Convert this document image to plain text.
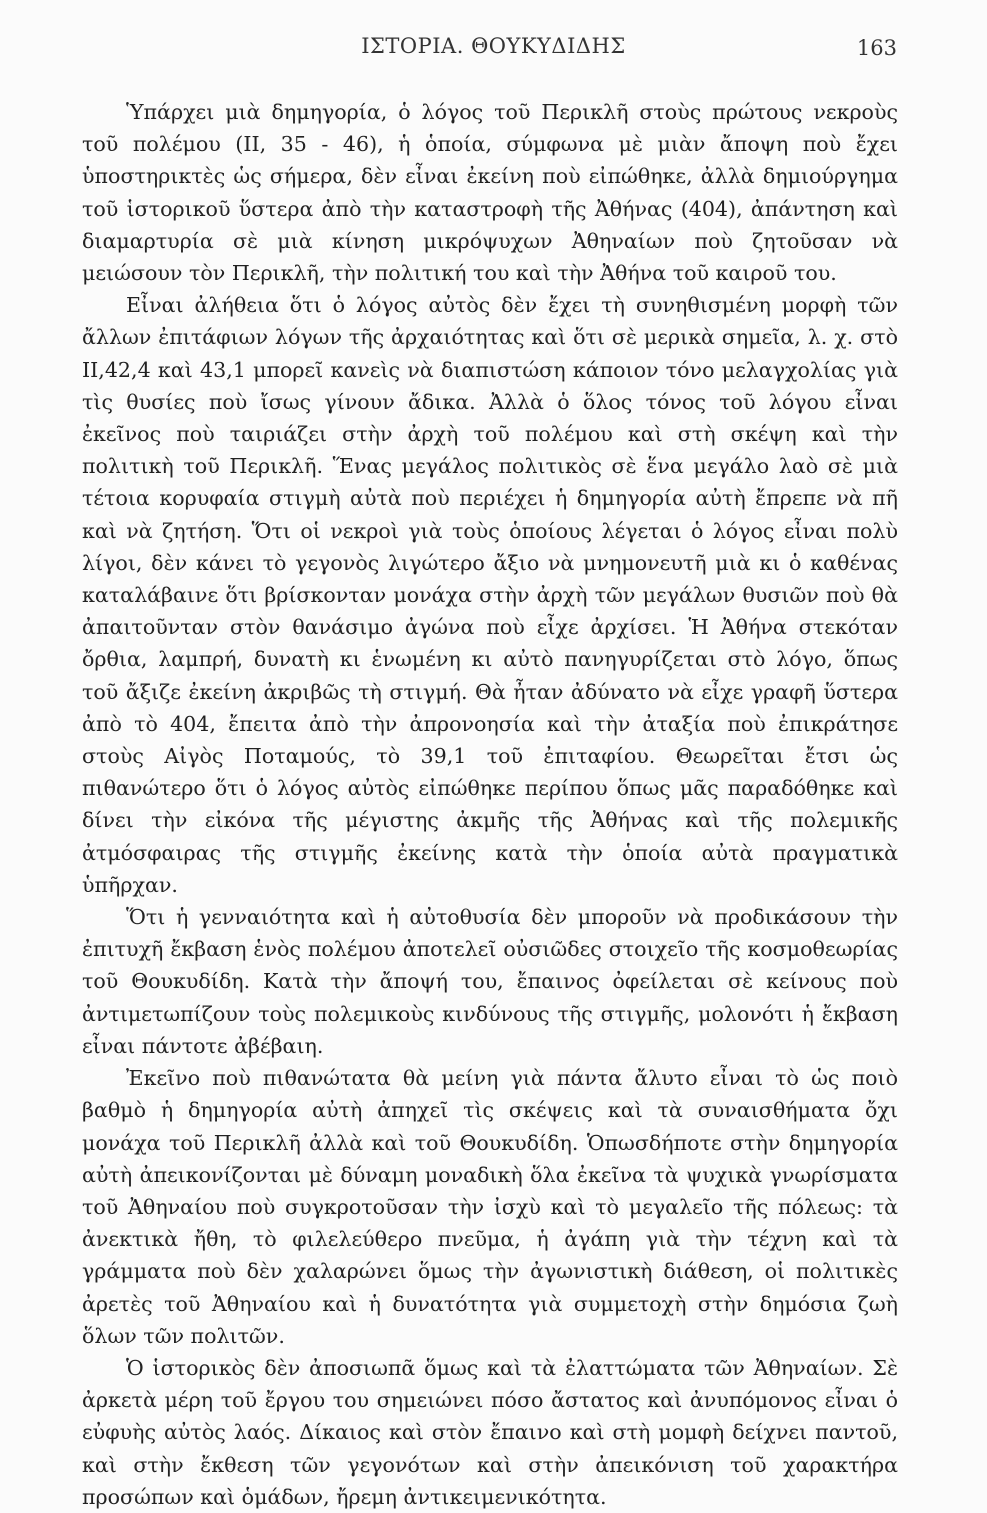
ΙΣΤΟΡΙΑ. ΘΟΥΚΥΔΙΔΗΣ	163

Ὑπάρχει μιὰ δημηγορία, ὁ λόγος τοῦ Περικλῆ στοὺς πρώτους νεκροὺς τοῦ πολέμου (ΙΙ, 35 - 46), ἡ ὁποία, σύμφωνα μὲ μιὰν ἄποψη ποὺ ἔχει ὑποστηρικτὲς ὡς σήμερα, δὲν εἶναι ἐκείνη ποὺ εἰπώθηκε, ἀλλὰ δημιούργημα τοῦ ἱστορικοῦ ὕστερα ἀπὸ τὴν καταστροφὴ τῆς Ἀθήνας (404), ἀπάντηση καὶ διαμαρτυρία σὲ μιὰ κίνηση μικρόψυχων Ἀθηναίων ποὺ ζητοῦσαν νὰ μειώσουν τὸν Περικλῆ, τὴν πολιτική του καὶ τὴν Ἀθήνα τοῦ καιροῦ του.

Εἶναι ἀλήθεια ὅτι ὁ λόγος αὐτὸς δὲν ἔχει τὴ συνηθισμένη μορφὴ τῶν ἄλλων ἐπιτάφιων λόγων τῆς ἀρχαιότητας καὶ ὅτι σὲ μερικὰ σημεῖα, λ. χ. στὸ ΙΙ,42,4 καὶ 43,1 μπορεῖ κανεὶς νὰ διαπιστώση κάποιον τόνο μελαγχολίας γιὰ τὶς θυσίες ποὺ ἴσως γίνουν ἄδικα. Ἀλλὰ ὁ ὅλος τόνος τοῦ λόγου εἶναι ἐκεῖνος ποὺ ταιριάζει στὴν ἀρχὴ τοῦ πολέμου καὶ στὴ σκέψη καὶ τὴν πολιτικὴ τοῦ Περικλῆ. Ἕνας μεγάλος πολιτικὸς σὲ ἕνα μεγάλο λαὸ σὲ μιὰ τέτοια κορυφαία στιγμὴ αὐτὰ ποὺ περιέχει ἡ δημηγορία αὐτὴ ἔπρεπε νὰ πῆ καὶ νὰ ζητήση. Ὅτι οἱ νεκροὶ γιὰ τοὺς ὁποίους λέγεται ὁ λόγος εἶναι πολὺ λίγοι, δὲν κάνει τὸ γεγονὸς λιγώτερο ἄξιο νὰ μνημονευτῆ μιὰ κι ὁ καθένας καταλάβαινε ὅτι βρίσκονταν μονάχα στὴν ἀρχὴ τῶν μεγάλων θυσιῶν ποὺ θὰ ἀπαιτοῦνταν στὸν θανάσιμο ἀγώνα ποὺ εἶχε ἀρχίσει. Ἡ Ἀθήνα στεκόταν ὄρθια, λαμπρή, δυνατὴ κι ἑνωμένη κι αὐτὸ πανηγυρίζεται στὸ λόγο, ὅπως τοῦ ἄξιζε ἐκείνη ἀκριβῶς τὴ στιγμή. Θὰ ἦταν ἀδύνατο νὰ εἶχε γραφῆ ὕστερα ἀπὸ τὸ 404, ἔπειτα ἀπὸ τὴν ἀπρονοησία καὶ τὴν ἀταξία ποὺ ἐπικράτησε στοὺς Αἰγὸς Ποταμούς, τὸ 39,1 τοῦ ἐπιταφίου. Θεωρεῖται ἔτσι ὡς πιθανώτερο ὅτι ὁ λόγος αὐτὸς εἰπώθηκε περίπου ὅπως μᾶς παραδόθηκε καὶ δίνει τὴν εἰκόνα τῆς μέγιστης ἀκμῆς τῆς Ἀθήνας καὶ τῆς πολεμικῆς ἀτμόσφαιρας τῆς στιγμῆς ἐκείνης κατὰ τὴν ὁποία αὐτὰ πραγματικὰ ὑπῆρχαν.

Ὅτι ἡ γενναιότητα καὶ ἡ αὐτοθυσία δὲν μποροῦν νὰ προδικάσουν τὴν ἐπιτυχῆ ἔκβαση ἑνὸς πολέμου ἀποτελεῖ οὐσιῶδες στοιχεῖο τῆς κοσμοθεωρίας τοῦ Θουκυδίδη. Κατὰ τὴν ἄποψή του, ἔπαινος ὀφείλεται σὲ κείνους ποὺ ἀντιμετωπίζουν τοὺς πολεμικοὺς κινδύνους τῆς στιγμῆς, μολονότι ἡ ἔκβαση εἶναι πάντοτε ἀβέβαιη.

Ἐκεῖνο ποὺ πιθανώτατα θὰ μείνη γιὰ πάντα ἄλυτο εἶναι τὸ ὡς ποιὸ βαθμὸ ἡ δημηγορία αὐτὴ ἀπηχεῖ τὶς σκέψεις καὶ τὰ συναισθήματα ὄχι μονάχα τοῦ Περικλῆ ἀλλὰ καὶ τοῦ Θουκυδίδη. Ὁπωσδήποτε στὴν δημηγορία αὐτὴ ἀπεικονίζονται μὲ δύναμη μοναδικὴ ὅλα ἐκεῖνα τὰ ψυχικὰ γνωρίσματα τοῦ Ἀθηναίου ποὺ συγκροτοῦσαν τὴν ἰσχὺ καὶ τὸ μεγαλεῖο τῆς πόλεως: τὰ ἀνεκτικὰ ἤθη, τὸ φιλελεύθερο πνεῦμα, ἡ ἀγάπη γιὰ τὴν τέχνη καὶ τὰ γράμματα ποὺ δὲν χαλαρώνει ὅμως τὴν ἀγωνιστικὴ διάθεση, οἱ πολιτικὲς ἀρετὲς τοῦ Ἀθηναίου καὶ ἡ δυνατότητα γιὰ συμμετοχὴ στὴν δημόσια ζωὴ ὅλων τῶν πολιτῶν.

Ὁ ἱστορικὸς δὲν ἀποσιωπᾶ ὅμως καὶ τὰ ἐλαττώματα τῶν Ἀθηναίων. Σὲ ἀρκετὰ μέρη τοῦ ἔργου του σημειώνει πόσο ἄστατος καὶ ἀνυπόμονος εἶναι ὁ εὐφυὴς αὐτὸς λαός. Δίκαιος καὶ στὸν ἔπαινο καὶ στὴ μομφὴ δείχνει παντοῦ, καὶ στὴν ἔκθεση τῶν γεγονότων καὶ στὴν ἀπεικόνιση τοῦ χαρακτήρα προσώπων καὶ ὁμάδων, ἤρεμη ἀντικειμενικότητα.
